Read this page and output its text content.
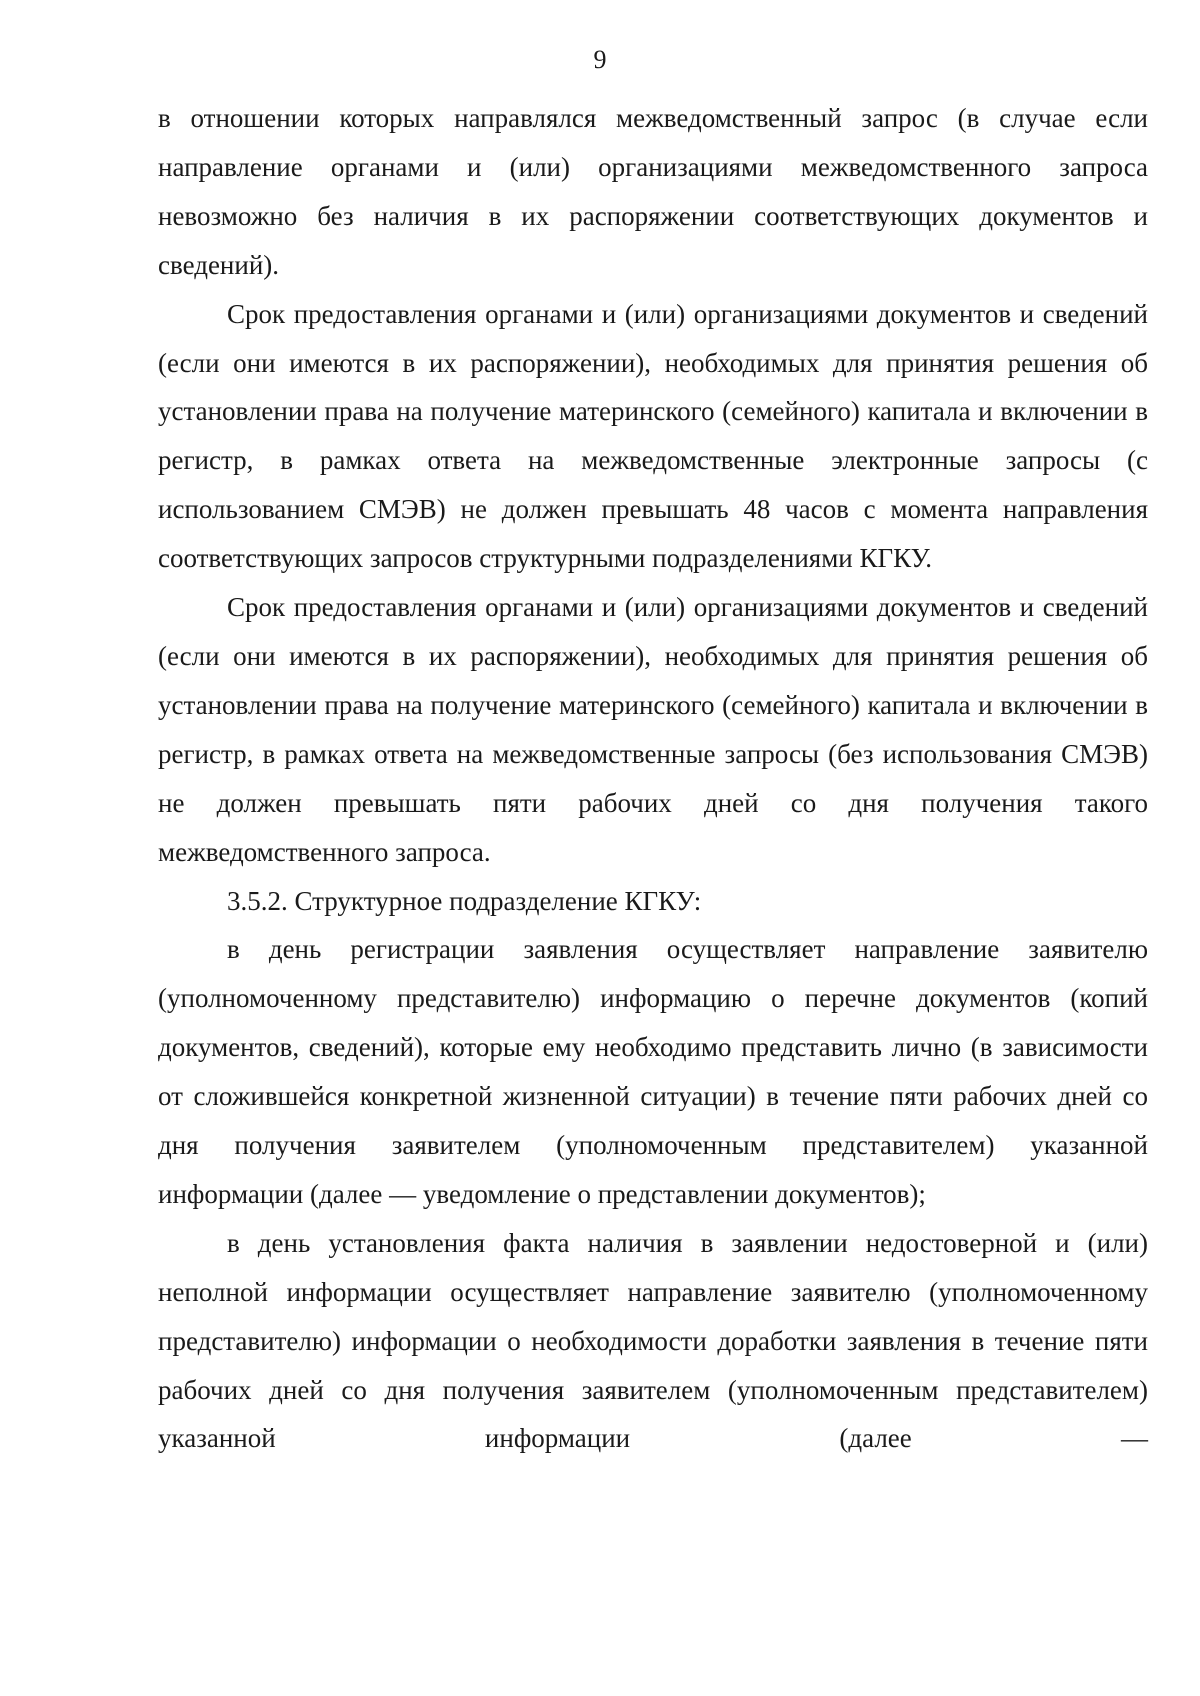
9

в отношении которых направлялся межведомственный запрос (в случае если направление органами и (или) организациями межведомственного запроса невозможно без наличия в их распоряжении соответствующих документов и сведений).

Срок предоставления органами и (или) организациями документов и сведений (если они имеются в их распоряжении), необходимых для принятия решения об установлении права на получение материнского (семейного) капитала и включении в регистр, в рамках ответа на межведомственные электронные запросы (с использованием СМЭВ) не должен превышать 48 часов с момента направления соответствующих запросов структурными подразделениями КГКУ.

Срок предоставления органами и (или) организациями документов и сведений (если они имеются в их распоряжении), необходимых для принятия решения об установлении права на получение материнского (семейного) капитала и включении в регистр, в рамках ответа на межведомственные запросы (без использования СМЭВ) не должен превышать пяти рабочих дней со дня получения такого межведомственного запроса.

3.5.2. Структурное подразделение КГКУ:

в день регистрации заявления осуществляет направление заявителю (уполномоченному представителю) информацию о перечне документов (копий документов, сведений), которые ему необходимо представить лично (в зависимости от сложившейся конкретной жизненной ситуации) в течение пяти рабочих дней со дня получения заявителем (уполномоченным представителем) указанной информации (далее — уведомление о представлении документов);

в день установления факта наличия в заявлении недостоверной и (или) неполной информации осуществляет направление заявителю (уполномоченному представителю) информации о необходимости доработки заявления в течение пяти рабочих дней со дня получения заявителем (уполномоченным представителем) указанной информации (далее —
